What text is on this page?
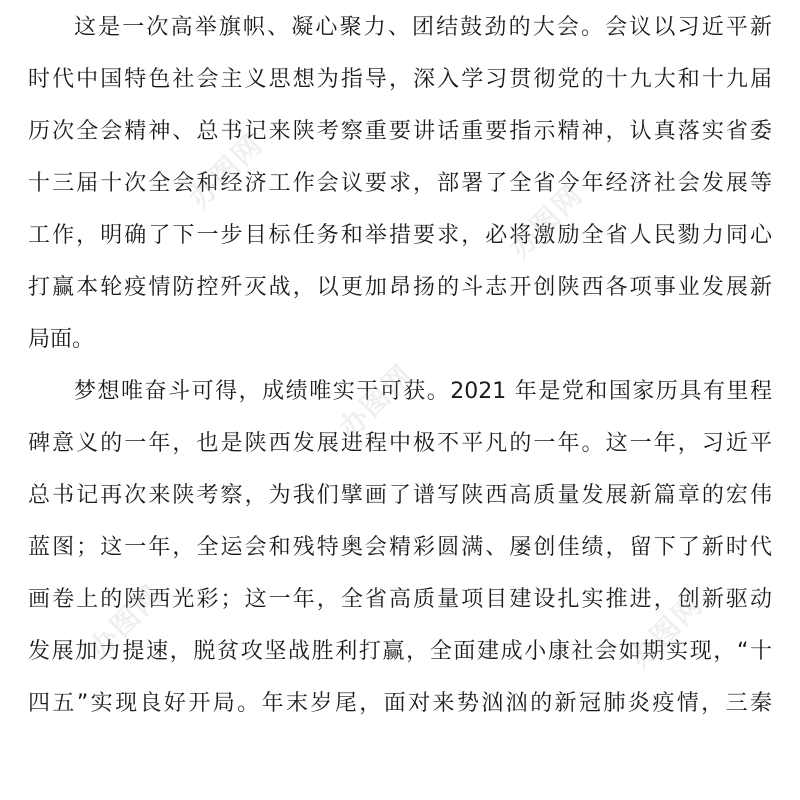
这是一次高举旗帜、凝心聚力、团结鼓劲的大会。会议以习近平新
时代中国特色社会主义思想为指导，深入学习贯彻党的十九大和十九届
历次全会精神、总书记来陕考察重要讲话重要指示精神，认真落实省委
十三届十次全会和经济工作会议要求，部署了全省今年经济社会发展等
工作，明确了下一步目标任务和举措要求，必将激励全省人民勠力同心
打赢本轮疫情防控歼灭战，以更加昂扬的斗志开创陕西各项事业发展新
局面。
梦想唯奋斗可得，成绩唯实干可获。2021 年是党和国家历具有里程
碑意义的一年，也是陕西发展进程中极不平凡的一年。这一年，习近平
总书记再次来陕考察，为我们擘画了谱写陕西高质量发展新篇章的宏伟
蓝图；这一年，全运会和残特奥会精彩圆满、屡创佳绩，留下了新时代
画卷上的陕西光彩；这一年，全省高质量项目建设扎实推进，创新驱动
发展加力提速，脱贫攻坚战胜利打赢，全面建成小康社会如期实现，“十
四五”实现良好开局。年末岁尾，面对来势汹汹的新冠肺炎疫情，三秦
办图网
办图网
办图网
办图网	办图网
